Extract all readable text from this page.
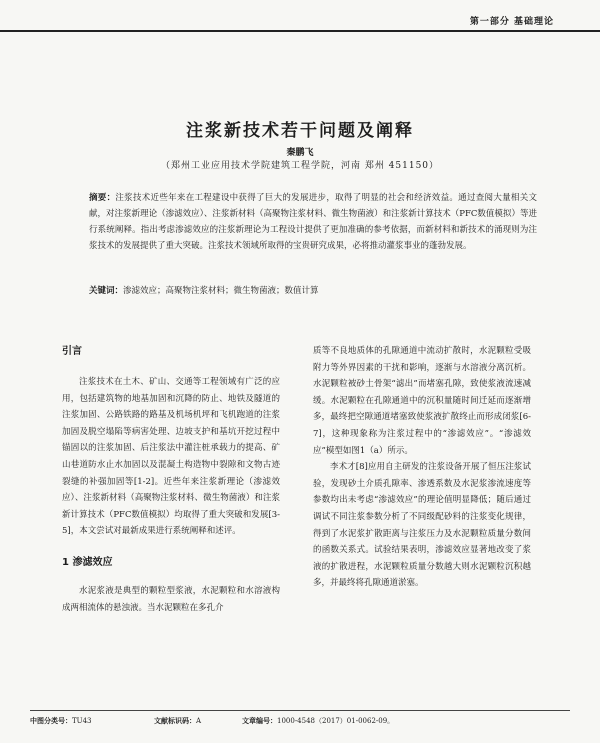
第一部分 基础理论
注浆新技术若干问题及阐释
秦鹏飞
（郑州工业应用技术学院建筑工程学院，河南 郑州 451150）
摘要：注浆技术近些年来在工程建设中获得了巨大的发展进步，取得了明显的社会和经济效益。通过查阅大量相关文献，对注浆新理论（渗滤效应）、注浆新材料（高聚物注浆材料、微生物菌液）和注浆新计算技术（PFC数值模拟）等进行系统阐释。指出考虑渗滤效应的注浆新理论为工程设计提供了更加准确的参考依据，而新材料和新技术的涌现则为注浆技术的发展提供了重大突破。注浆技术领域所取得的宝贵研究成果，必将推动灌浆事业的蓬勃发展。
关键词：渗滤效应；高聚物注浆材料；微生物菌液；数值计算
引言

注浆技术在土木、矿山、交通等工程领域有广泛的应用，包括建筑物的地基加固和沉降的防止、地铁及隧道的注浆加固、公路铁路的路基及机场机坪和飞机跑道的注浆加固及脱空塌陷等病害处理、边坡支护和基坑开挖过程中锚固以的注浆加固、后注浆法中灌注桩承载力的提高、矿山巷道防水止水加固以及混凝土构造物中裂隙和文物古迹裂缝的补强加固等[1-2]。近些年来注浆新理论（渗滤效应）、注浆新材料（高聚物注浆材料、微生物菌液）和注浆新计算技术（PFC数值模拟）均取得了重大突破和发展[3-5]，本文尝试对最新成果进行系统阐释和述评。

1 渗滤效应

水泥浆液是典型的颗粒型浆液，水泥颗粒和水溶液构成两相流体的悬浊液。当水泥颗粒在多孔介

质等不良地质体的孔隙通道中流动扩散时，水泥颗粒受吸附力等外界因素的干扰和影响，逐渐与水溶液分离沉析。水泥颗粒被砂土骨架“滤出”而堵塞孔隙，致使浆液流速减缓。水泥颗粒在孔隙通道中的沉积量随时间迁延而逐渐增多，最终把空隙通道堵塞致使浆液扩散终止而形成闭浆[6-7]，这种现象称为注浆过程中的“渗滤效应”。“渗滤效应”模型如图1（a）所示。

李术才[8]应用自主研发的注浆设备开展了恒压注浆试验，发现砂土介质孔隙率、渗透系数及水泥浆渗流速度等参数均出未考虑“渗滤效应”的理论值明显降低；随后通过调试不同注浆参数分析了不同级配砂料的注浆变化规律，得到了水泥浆扩散距离与注浆压力及水泥颗粒质量分数间的函数关系式。试验结果表明，渗滤效应显著地改变了浆液的扩散进程，水泥颗粒质量分数越大则水泥颗粒沉积越多，并最终将孔隙通道淤塞。

中图分类号：TU43	文献标识码：A	文章编号：1000-4548（2017）01-0062-09。
